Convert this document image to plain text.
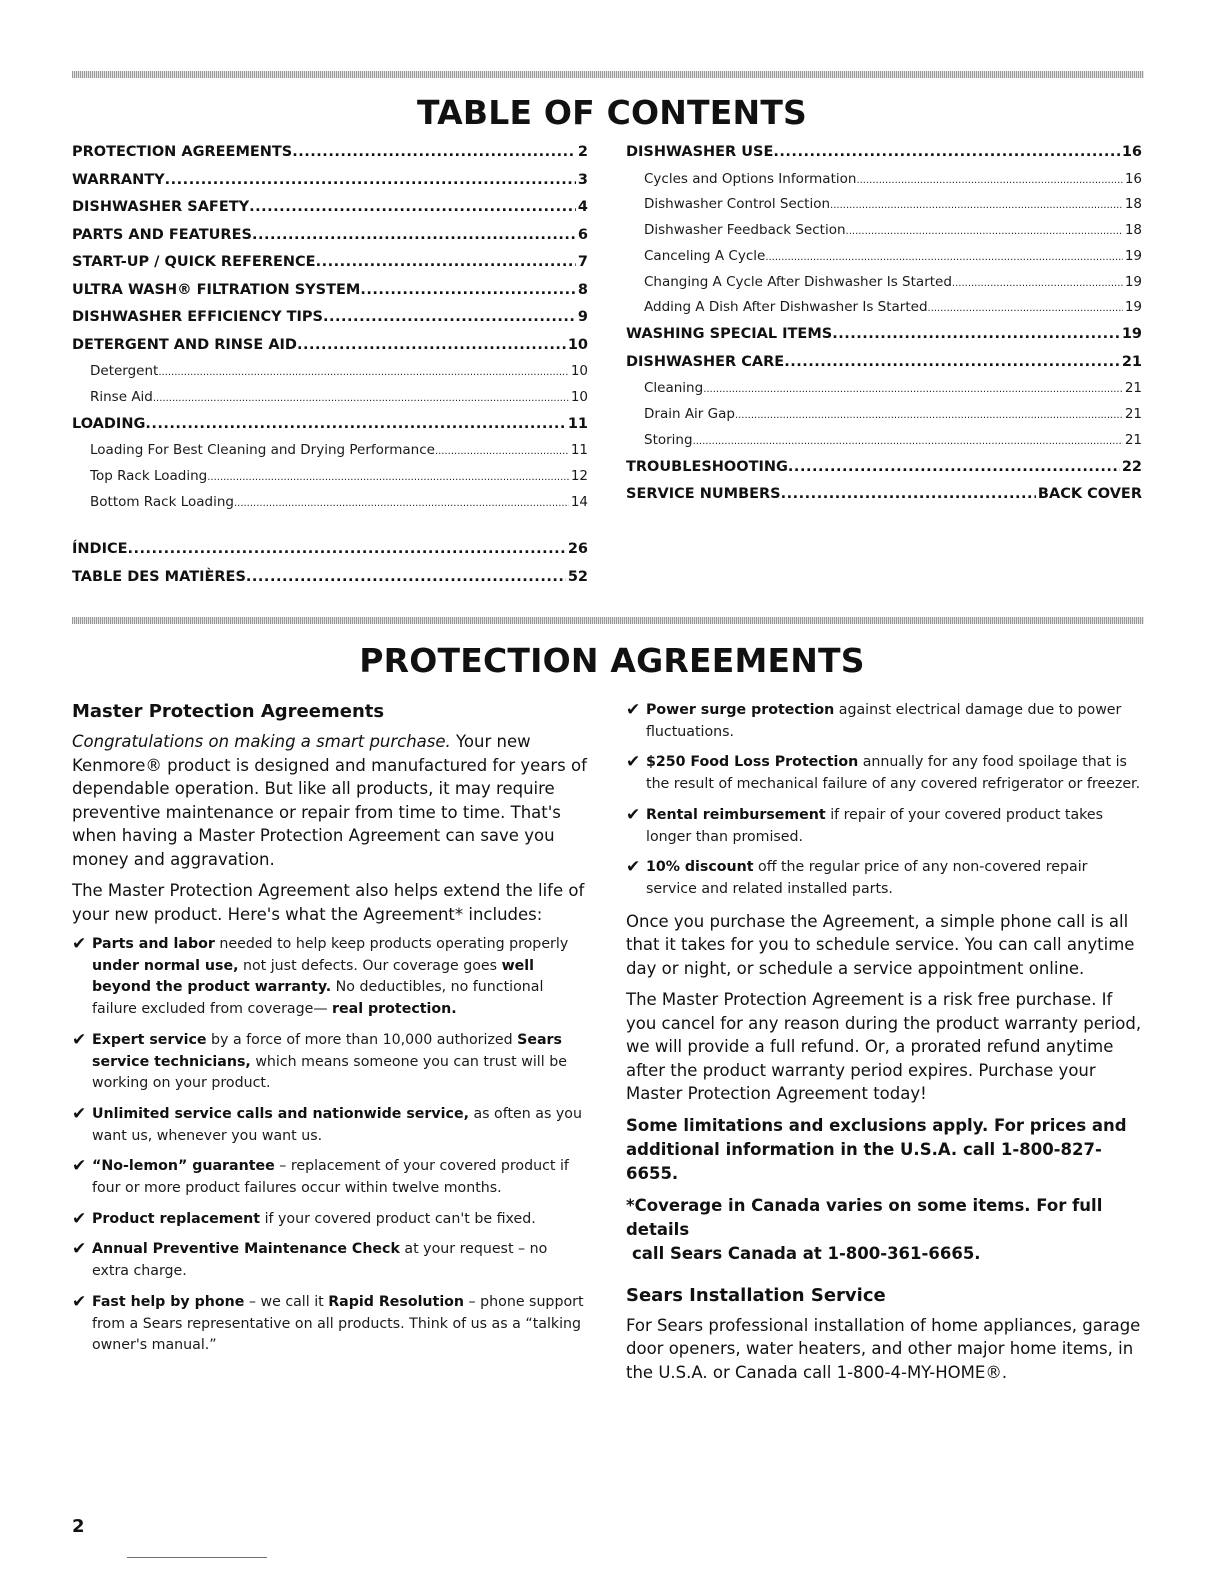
TABLE OF CONTENTS
PROTECTION AGREEMENTS .....	2
WARRANTY .....	3
DISHWASHER SAFETY .....	4
PARTS AND FEATURES .....	6
START-UP / QUICK REFERENCE .....	7
ULTRA WASH® FILTRATION SYSTEM .....	8
DISHWASHER EFFICIENCY TIPS .....	9
DETERGENT AND RINSE AID .....	10
Detergent .....	10
Rinse Aid .....	10
LOADING .....	11
Loading For Best Cleaning and Drying Performance .....	11
Top Rack Loading .....	12
Bottom Rack Loading .....	14
DISHWASHER USE .....	16
Cycles and Options Information .....	16
Dishwasher Control Section .....	18
Dishwasher Feedback Section .....	18
Canceling A Cycle .....	19
Changing A Cycle After Dishwasher Is Started .....	19
Adding A Dish After Dishwasher Is Started .....	19
WASHING SPECIAL ITEMS .....	19
DISHWASHER CARE .....	21
Cleaning .....	21
Drain Air Gap .....	21
Storing .....	21
TROUBLESHOOTING .....	22
SERVICE NUMBERS .....	BACK COVER
ÍNDICE .....	26
TABLE DES MATIÈRES .....	52
PROTECTION AGREEMENTS
Master Protection Agreements

Congratulations on making a smart purchase. Your new Kenmore® product is designed and manufactured for years of dependable operation. But like all products, it may require preventive maintenance or repair from time to time. That's when having a Master Protection Agreement can save you money and aggravation.

The Master Protection Agreement also helps extend the life of your new product. Here's what the Agreement* includes:

✔ Parts and labor needed to help keep products operating properly under normal use, not just defects. Our coverage goes well beyond the product warranty. No deductibles, no functional failure excluded from coverage— real protection.
✔ Expert service by a force of more than 10,000 authorized Sears service technicians, which means someone you can trust will be working on your product.
✔ Unlimited service calls and nationwide service, as often as you want us, whenever you want us.
✔ “No-lemon” guarantee – replacement of your covered product if four or more product failures occur within twelve months.
✔ Product replacement if your covered product can't be fixed.
✔ Annual Preventive Maintenance Check at your request – no extra charge.
✔ Fast help by phone – we call it Rapid Resolution – phone support from a Sears representative on all products. Think of us as a “talking owner's manual.”
✔ Power surge protection against electrical damage due to power fluctuations.
✔ $250 Food Loss Protection annually for any food spoilage that is the result of mechanical failure of any covered refrigerator or freezer.
✔ Rental reimbursement if repair of your covered product takes longer than promised.
✔ 10% discount off the regular price of any non-covered repair service and related installed parts.

Once you purchase the Agreement, a simple phone call is all that it takes for you to schedule service. You can call anytime day or night, or schedule a service appointment online.

The Master Protection Agreement is a risk free purchase. If you cancel for any reason during the product warranty period, we will provide a full refund. Or, a prorated refund anytime after the product warranty period expires. Purchase your Master Protection Agreement today!

Some limitations and exclusions apply. For prices and additional information in the U.S.A. call 1-800-827-6655.

*Coverage in Canada varies on some items. For full details

call Sears Canada at 1-800-361-6665.

Sears Installation Service

For Sears professional installation of home appliances, garage door openers, water heaters, and other major home items, in the U.S.A. or Canada call 1-800-4-MY-HOME®.

2
